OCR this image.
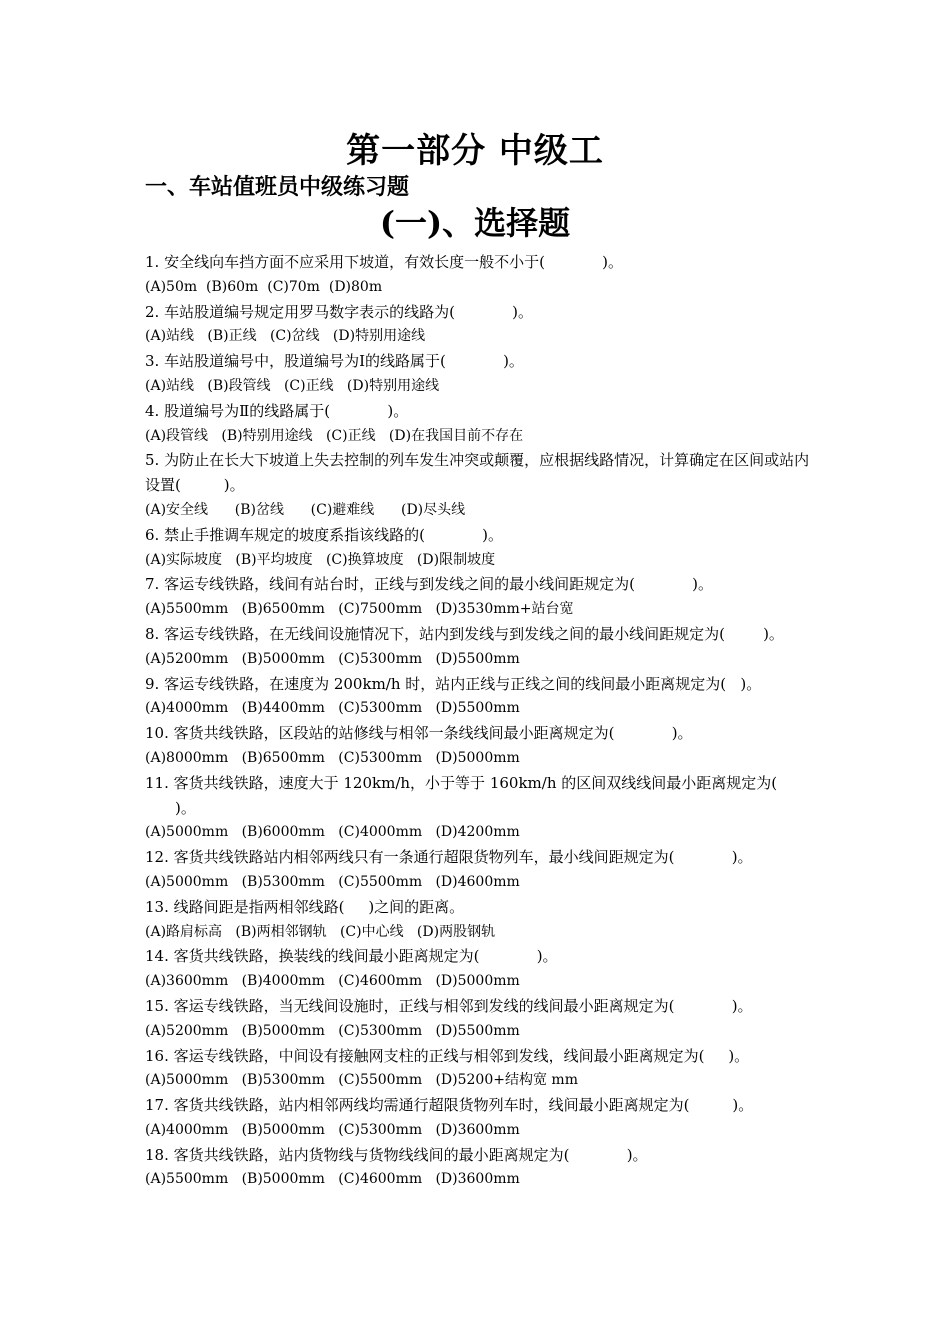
第一部分 中级工
一、车站值班员中级练习题
(一)、选择题

1. 安全线向车挡方面不应采用下坡道，有效长度一般不小于(            )。

(A)50m  (B)60m  (C)70m  (D)80m

2. 车站股道编号规定用罗马数字表示的线路为(            )。

(A)站线   (B)正线   (C)岔线   (D)特别用途线

3. 车站股道编号中，股道编号为Ⅰ的线路属于(            )。

(A)站线   (B)段管线   (C)正线   (D)特别用途线

4. 股道编号为Ⅱ的线路属于(            )。

(A)段管线   (B)特别用途线   (C)正线   (D)在我国目前不存在

5. 为防止在长大下坡道上失去控制的列车发生冲突或颠覆，应根据线路情况，计算确定在区间或站内设置(         )。

(A)安全线      (B)岔线      (C)避难线      (D)尽头线

6. 禁止手推调车规定的坡度系指该线路的(            )。

(A)实际坡度   (B)平均坡度   (C)换算坡度   (D)限制坡度

7. 客运专线铁路，线间有站台时，正线与到发线之间的最小线间距规定为(            )。

(A)5500mm   (B)6500mm   (C)7500mm   (D)3530mm+站台宽

8. 客运专线铁路，在无线间设施情况下，站内到发线与到发线之间的最小线间距规定为(        )。

(A)5200mm   (B)5000mm   (C)5300mm   (D)5500mm

9. 客运专线铁路，在速度为 200km/h 时，站内正线与正线之间的线间最小距离规定为(   )。

(A)4000mm   (B)4400mm   (C)5300mm   (D)5500mm

10. 客货共线铁路，区段站的站修线与相邻一条线线间最小距离规定为(            )。

(A)8000mm   (B)6500mm   (C)5300mm   (D)5000mm

11. 客货共线铁路，速度大于 120km/h，小于等于 160km/h 的区间双线线间最小距离规定为(        )。

(A)5000mm   (B)6000mm   (C)4000mm   (D)4200mm

12. 客货共线铁路站内相邻两线只有一条通行超限货物列车，最小线间距规定为(            )。

(A)5000mm   (B)5300mm   (C)5500mm   (D)4600mm

13. 线路间距是指两相邻线路(     )之间的距离。

(A)路肩标高   (B)两相邻钢轨   (C)中心线   (D)两股钢轨

14. 客货共线铁路，换装线的线间最小距离规定为(            )。

(A)3600mm   (B)4000mm   (C)4600mm   (D)5000mm

15. 客运专线铁路，当无线间设施时，正线与相邻到发线的线间最小距离规定为(            )。

(A)5200mm   (B)5000mm   (C)5300mm   (D)5500mm

16. 客运专线铁路，中间设有接触网支柱的正线与相邻到发线，线间最小距离规定为(     )。

(A)5000mm   (B)5300mm   (C)5500mm   (D)5200+结构宽 mm

17. 客货共线铁路，站内相邻两线均需通行超限货物列车时，线间最小距离规定为(         )。

(A)4000mm   (B)5000mm   (C)5300mm   (D)3600mm

18. 客货共线铁路，站内货物线与货物线线间的最小距离规定为(            )。

(A)5500mm   (B)5000mm   (C)4600mm   (D)3600mm
